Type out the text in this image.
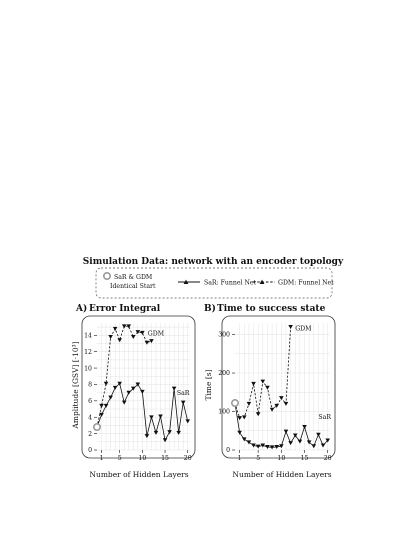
Simulation Data: network with an encoder topology
SaR & GDM
Identical Start	SaR: Funnel Net	GDM: Funnel Net
A) Error Integral
Amplitude [GSV] [·10³]
Number of Hidden Layers
0
2
4
6
8
10
12
14
1 5	10 15 20
GDM
SaR
B) Time to success state
Time [s]
Number of Hidden Layers
0
100
200
300
1 5	10 15 20
GDM
SaR
